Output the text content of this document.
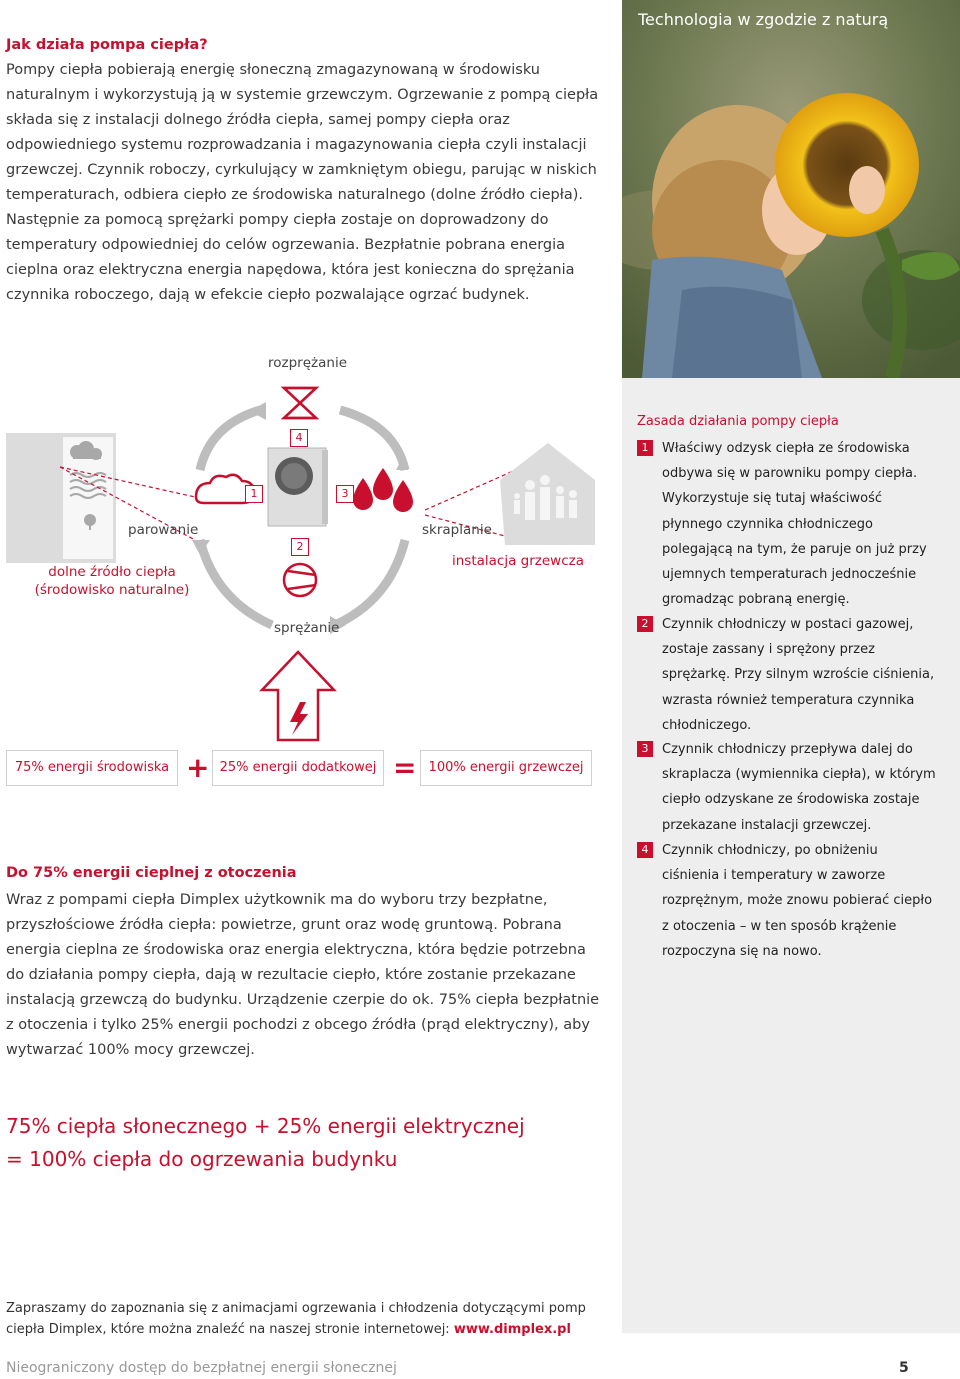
Technologia w zgodzie z naturą
Jak działa pompa ciepła?

Pompy ciepła pobierają energię słoneczną zmagazynowaną w środowisku naturalnym i wykorzystują ją w systemie grzewczym. Ogrzewanie z pompą ciepła składa się z instalacji dolnego źródła ciepła, samej pompy ciepła oraz odpowiedniego systemu rozprowadzania i magazynowania ciepła czyli instalacji grzewczej. Czynnik roboczy, cyrkulujący w zamkniętym obiegu, parując w niskich temperaturach, odbiera ciepło ze środowiska naturalnego (dolne źródło ciepła). Następnie za pomocą sprężarki pompy ciepła zostaje on doprowadzony do temperatury odpowiedniej do celów ogrzewania. Bezpłatnie pobrana energia cieplna oraz elektryczna energia napędowa, która jest konieczna do sprężania czynnika roboczego, dają w efekcie ciepło pozwalające ogrzać budynek.

rozprężanie
parowanie	skraplanie
sprężanie
dolne źródło ciepła
(środowisko naturalne)
instalacja grzewcza
1
2
3
4
75% energii środowiska + 25% energii dodatkowej = 100% energii grzewczej
Zasada działania pompy ciepła
1	Właściwy odzysk ciepła ze środowiska odbywa się w parowniku pompy ciepła. Wykorzystuje się tutaj właściwość płynnego czynnika chłodniczego polegającą na tym, że paruje on już przy ujemnych temperaturach jednocześnie gromadząc pobraną energię.
2	Czynnik chłodniczy w postaci gazowej, zostaje zassany i sprężony przez sprężarkę. Przy silnym wzroście ciśnienia, wzrasta również temperatura czynnika chłodniczego.
3	Czynnik chłodniczy przepływa dalej do skraplacza (wymiennika ciepła), w którym ciepło odzyskane ze środowiska zostaje przekazane instalacji grzewczej.
4	Czynnik chłodniczy, po obniżeniu ciśnienia i temperatury w zaworze rozprężnym, może znowu pobierać ciepło z otoczenia – w ten sposób krążenie rozpoczyna się na nowo.
Do 75% energii cieplnej z otoczenia
Wraz z pompami ciepła Dimplex użytkownik ma do wyboru trzy bezpłatne, przyszłościowe źródła ciepła: powietrze, grunt oraz wodę gruntową. Pobrana energia cieplna ze środowiska oraz energia elektryczna, która będzie potrzebna do działania pompy ciepła, dają w rezultacie ciepło, które zostanie przekazane instalacją grzewczą do budynku. Urządzenie czerpie do ok. 75% ciepła bezpłatnie z otoczenia i tylko 25% energii pochodzi z obcego źródła (prąd elektryczny), aby wytwarzać 100% mocy grzewczej.
75% ciepła słonecznego + 25% energii elektrycznej
= 100% ciepła do ogrzewania budynku
Zapraszamy do zapoznania się z animacjami ogrzewania i chłodzenia dotyczącymi pomp ciepła Dimplex, które można znaleźć na naszej stronie internetowej: www.dimplex.pl
Nieograniczony dostęp do bezpłatnej energii słonecznej	5
